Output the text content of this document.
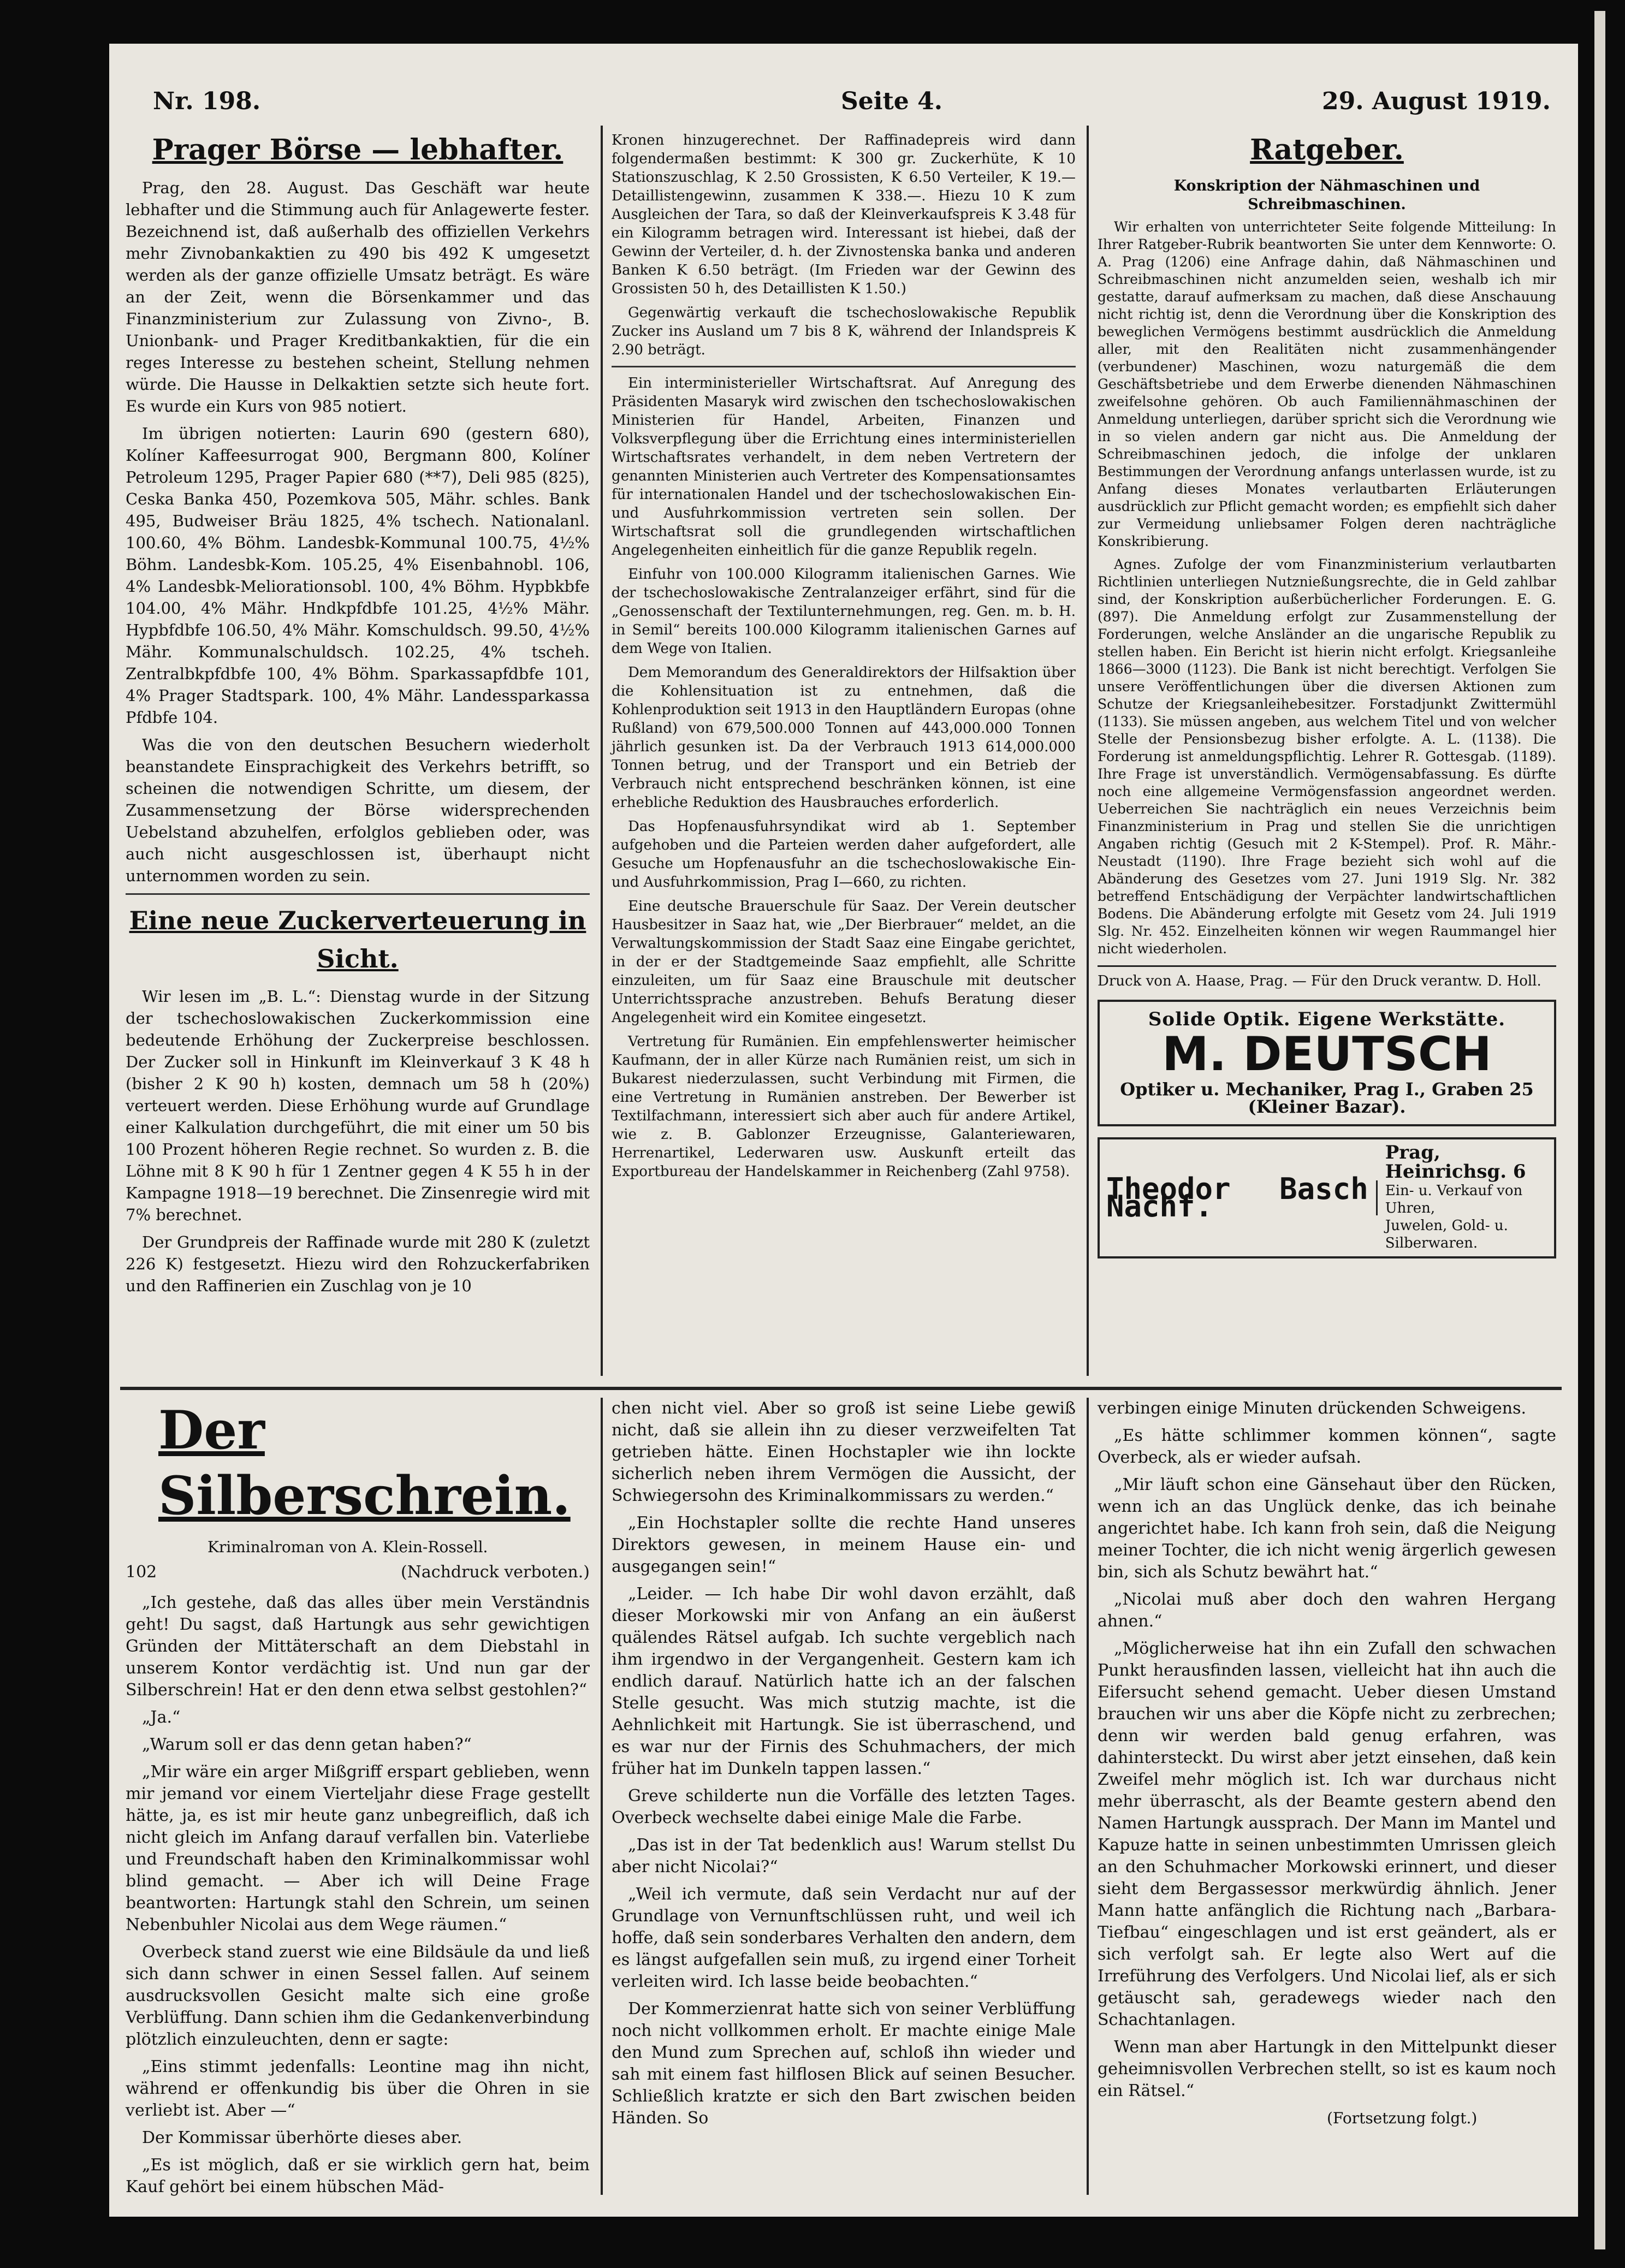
Nr. 198.	Seite 4.	29. August 1919.
Prager Börse — lebhafter.

Prag, den 28. August. Das Geschäft war heute lebhafter und die Stimmung auch für Anlagewerte fester. Bezeichnend ist, daß außerhalb des offiziellen Verkehrs mehr Zivnobankaktien zu 490 bis 492 K umgesetzt werden als der ganze offizielle Umsatz beträgt. Es wäre an der Zeit, wenn die Börsenkammer und das Finanzministerium zur Zulassung von Zivno-, B. Unionbank- und Prager Kreditbankaktien, für die ein reges Interesse zu bestehen scheint, Stellung nehmen würde. Die Hausse in Delkaktien setzte sich heute fort. Es wurde ein Kurs von 985 notiert.

Im übrigen notierten: Laurin 690 (gestern 680), Kolíner Kaffeesurrogat 900, Bergmann 800, Kolíner Petroleum 1295, Prager Papier 680 (**7), Deli 985 (825), Ceska Banka 450, Pozemkova 505, Mähr. schles. Bank 495, Budweiser Bräu 1825, 4% tschech. Nationalanl. 100.60, 4% Böhm. Landesbk-Kommunal 100.75, 4½% Böhm. Landesbk-Kom. 105.25, 4% Eisenbahnobl. 106, 4% Landesbk-Meliorationsobl. 100, 4% Böhm. Hypbkbfe 104.00, 4% Mähr. Hndkpfdbfe 101.25, 4½% Mähr. Hypbfdbfe 106.50, 4% Mähr. Komschuldsch. 99.50, 4½% Mähr. Kommunalschuldsch. 102.25, 4% tscheh. Zentralbkpfdbfe 100, 4% Böhm. Sparkassapfdbfe 101, 4% Prager Stadtspark. 100, 4% Mähr. Landessparkassa Pfdbfe 104.

Was die von den deutschen Besuchern wiederholt beanstandete Einsprachigkeit des Verkehrs betrifft, so scheinen die notwendigen Schritte, um diesem, der Zusammensetzung der Börse widersprechenden Uebelstand abzuhelfen, erfolglos geblieben oder, was auch nicht ausgeschlossen ist, überhaupt nicht unternommen worden zu sein.

Eine neue Zuckerverteuerung in Sicht.

Wir lesen im „B. L.“: Dienstag wurde in der Sitzung der tschechoslowakischen Zuckerkommission eine bedeutende Erhöhung der Zuckerpreise beschlossen. Der Zucker soll in Hinkunft im Kleinverkauf 3 K 48 h (bisher 2 K 90 h) kosten, demnach um 58 h (20%) verteuert werden. Diese Erhöhung wurde auf Grundlage einer Kalkulation durchgeführt, die mit einer um 50 bis 100 Prozent höheren Regie rechnet. So wurden z. B. die Löhne mit 8 K 90 h für 1 Zentner gegen 4 K 55 h in der Kampagne 1918—19 berechnet. Die Zinsenregie wird mit 7% berechnet.

Der Grundpreis der Raffinade wurde mit 280 K (zuletzt 226 K) festgesetzt. Hiezu wird den Rohzuckerfabriken und den Raffinerien ein Zuschlag von je 10

Kronen hinzugerechnet. Der Raffinadepreis wird dann folgendermaßen bestimmt: K 300 gr. Zuckerhüte, K 10 Stationszuschlag, K 2.50 Grossisten, K 6.50 Verteiler, K 19.— Detaillistengewinn, zusammen K 338.—. Hiezu 10 K zum Ausgleichen der Tara, so daß der Kleinverkaufspreis K 3.48 für ein Kilogramm betragen wird. Interessant ist hiebei, daß der Gewinn der Verteiler, d. h. der Zivnostenska banka und anderen Banken K 6.50 beträgt. (Im Frieden war der Gewinn des Grossisten 50 h, des Detaillisten K 1.50.)

Gegenwärtig verkauft die tschechoslowakische Republik Zucker ins Ausland um 7 bis 8 K, während der Inlandspreis K 2.90 beträgt.

Ein interministerieller Wirtschaftsrat. Auf Anregung des Präsidenten Masaryk wird zwischen den tschechoslowakischen Ministerien für Handel, Arbeiten, Finanzen und Volksverpflegung über die Errichtung eines interministeriellen Wirtschaftsrates verhandelt, in dem neben Vertretern der genannten Ministerien auch Vertreter des Kompensationsamtes für internationalen Handel und der tschechoslowakischen Ein- und Ausfuhrkommission vertreten sein sollen. Der Wirtschaftsrat soll die grundlegenden wirtschaftlichen Angelegenheiten einheitlich für die ganze Republik regeln.

Einfuhr von 100.000 Kilogramm italienischen Garnes. Wie der tschechoslowakische Zentralanzeiger erfährt, sind für die „Genossenschaft der Textilunternehmungen, reg. Gen. m. b. H. in Semil“ bereits 100.000 Kilogramm italienischen Garnes auf dem Wege von Italien.

Dem Memorandum des Generaldirektors der Hilfsaktion über die Kohlensituation ist zu entnehmen, daß die Kohlenproduktion seit 1913 in den Hauptländern Europas (ohne Rußland) von 679,500.000 Tonnen auf 443,000.000 Tonnen jährlich gesunken ist. Da der Verbrauch 1913 614,000.000 Tonnen betrug, und der Transport und ein Betrieb der Verbrauch nicht entsprechend beschränken können, ist eine erhebliche Reduktion des Hausbrauches erforderlich.

Das Hopfenausfuhrsyndikat wird ab 1. September aufgehoben und die Parteien werden daher aufgefordert, alle Gesuche um Hopfenausfuhr an die tschechoslowakische Ein- und Ausfuhrkommission, Prag I—660, zu richten.

Eine deutsche Brauerschule für Saaz. Der Verein deutscher Hausbesitzer in Saaz hat, wie „Der Bierbrauer“ meldet, an die Verwaltungskommission der Stadt Saaz eine Eingabe gerichtet, in der er der Stadtgemeinde Saaz empfiehlt, alle Schritte einzuleiten, um für Saaz eine Brauschule mit deutscher Unterrichtssprache anzustreben. Behufs Beratung dieser Angelegenheit wird ein Komitee eingesetzt.

Vertretung für Rumänien. Ein empfehlenswerter heimischer Kaufmann, der in aller Kürze nach Rumänien reist, um sich in Bukarest niederzulassen, sucht Verbindung mit Firmen, die eine Vertretung in Rumänien anstreben. Der Bewerber ist Textilfachmann, interessiert sich aber auch für andere Artikel, wie z. B. Gablonzer Erzeugnisse, Galanteriewaren, Herrenartikel, Lederwaren usw. Auskunft erteilt das Exportbureau der Handelskammer in Reichenberg (Zahl 9758).

Ratgeber.
Konskription der Nähmaschinen und Schreibmaschinen.

Wir erhalten von unterrichteter Seite folgende Mitteilung: In Ihrer Ratgeber-Rubrik beantworten Sie unter dem Kennworte: O. A. Prag (1206) eine Anfrage dahin, daß Nähmaschinen und Schreibmaschinen nicht anzumelden seien, weshalb ich mir gestatte, darauf aufmerksam zu machen, daß diese Anschauung nicht richtig ist, denn die Verordnung über die Konskription des beweglichen Vermögens bestimmt ausdrücklich die Anmeldung aller, mit den Realitäten nicht zusammenhängender (verbundener) Maschinen, wozu naturgemäß die dem Geschäftsbetriebe und dem Erwerbe dienenden Nähmaschinen zweifelsohne gehören. Ob auch Familiennähmaschinen der Anmeldung unterliegen, darüber spricht sich die Verordnung wie in so vielen andern gar nicht aus. Die Anmeldung der Schreibmaschinen jedoch, die infolge der unklaren Bestimmungen der Verordnung anfangs unterlassen wurde, ist zu Anfang dieses Monates verlautbarten Erläuterungen ausdrücklich zur Pflicht gemacht worden; es empfiehlt sich daher zur Vermeidung unliebsamer Folgen deren nachträgliche Konskribierung.

Agnes. Zufolge der vom Finanzministerium verlautbarten Richtlinien unterliegen Nutznießungsrechte, die in Geld zahlbar sind, der Konskription außerbücherlicher Forderungen. E. G. (897). Die Anmeldung erfolgt zur Zusammenstellung der Forderungen, welche Ansländer an die ungarische Republik zu stellen haben. Ein Bericht ist hierin nicht erfolgt. Kriegsanleihe 1866—3000 (1123). Die Bank ist nicht berechtigt. Verfolgen Sie unsere Veröffentlichungen über die diversen Aktionen zum Schutze der Kriegsanleihebesitzer. Forstadjunkt Zwittermühl (1133). Sie müssen angeben, aus welchem Titel und von welcher Stelle der Pensionsbezug bisher erfolgte. A. L. (1138). Die Forderung ist anmeldungspflichtig. Lehrer R. Gottesgab. (1189). Ihre Frage ist unverständlich. Vermögensabfassung. Es dürfte noch eine allgemeine Vermögensfassion angeordnet werden. Ueberreichen Sie nachträglich ein neues Verzeichnis beim Finanzministerium in Prag und stellen Sie die unrichtigen Angaben richtig (Gesuch mit 2 K-Stempel). Prof. R. Mähr.-Neustadt (1190). Ihre Frage bezieht sich wohl auf die Abänderung des Gesetzes vom 27. Juni 1919 Slg. Nr. 382 betreffend Entschädigung der Verpächter landwirtschaftlichen Bodens. Die Abänderung erfolgte mit Gesetz vom 24. Juli 1919 Slg. Nr. 452. Einzelheiten können wir wegen Raummangel hier nicht wiederholen.

Druck von A. Haase, Prag. — Für den Druck verantw. D. Holl.
Solide Optik. Eigene Werkstätte.
M. DEUTSCH
Optiker u. Mechaniker, Prag I., Graben 25
(Kleiner Bazar).
Theodor Basch Nachf.
Prag, Heinrichsg. 6
Ein- u. Verkauf von Uhren,
Juwelen, Gold- u. Silberwaren.
Der Silberschrein.
Kriminalroman von A. Klein-Rossell.
102	(Nachdruck verboten.)

„Ich gestehe, daß das alles über mein Verständnis geht! Du sagst, daß Hartungk aus sehr gewichtigen Gründen der Mittäterschaft an dem Diebstahl in unserem Kontor verdächtig ist. Und nun gar der Silberschrein! Hat er den denn etwa selbst gestohlen?“

„Ja.“

„Warum soll er das denn getan haben?“

„Mir wäre ein arger Mißgriff erspart geblieben, wenn mir jemand vor einem Vierteljahr diese Frage gestellt hätte, ja, es ist mir heute ganz unbegreiflich, daß ich nicht gleich im Anfang darauf verfallen bin. Vaterliebe und Freundschaft haben den Kriminalkommissar wohl blind gemacht. — Aber ich will Deine Frage beantworten: Hartungk stahl den Schrein, um seinen Nebenbuhler Nicolai aus dem Wege räumen.“

Overbeck stand zuerst wie eine Bildsäule da und ließ sich dann schwer in einen Sessel fallen. Auf seinem ausdrucksvollen Gesicht malte sich eine große Verblüffung. Dann schien ihm die Gedankenverbindung plötzlich einzuleuchten, denn er sagte:

„Eins stimmt jedenfalls: Leontine mag ihn nicht, während er offenkundig bis über die Ohren in sie verliebt ist. Aber —“

Der Kommissar überhörte dieses aber.

„Es ist möglich, daß er sie wirklich gern hat, beim Kauf gehört bei einem hübschen Mäd-

chen nicht viel. Aber so groß ist seine Liebe gewiß nicht, daß sie allein ihn zu dieser verzweifelten Tat getrieben hätte. Einen Hochstapler wie ihn lockte sicherlich neben ihrem Vermögen die Aussicht, der Schwiegersohn des Kriminalkommissars zu werden.“

„Ein Hochstapler sollte die rechte Hand unseres Direktors gewesen, in meinem Hause ein- und ausgegangen sein!“

„Leider. — Ich habe Dir wohl davon erzählt, daß dieser Morkowski mir von Anfang an ein äußerst quälendes Rätsel aufgab. Ich suchte vergeblich nach ihm irgendwo in der Vergangenheit. Gestern kam ich endlich darauf. Natürlich hatte ich an der falschen Stelle gesucht. Was mich stutzig machte, ist die Aehnlichkeit mit Hartungk. Sie ist überraschend, und es war nur der Firnis des Schuhmachers, der mich früher hat im Dunkeln tappen lassen.“

Greve schilderte nun die Vorfälle des letzten Tages. Overbeck wechselte dabei einige Male die Farbe.

„Das ist in der Tat bedenklich aus! Warum stellst Du aber nicht Nicolai?“

„Weil ich vermute, daß sein Verdacht nur auf der Grundlage von Vernunftschlüssen ruht, und weil ich hoffe, daß sein sonderbares Verhalten den andern, dem es längst aufgefallen sein muß, zu irgend einer Torheit verleiten wird. Ich lasse beide beobachten.“

Der Kommerzienrat hatte sich von seiner Verblüffung noch nicht vollkommen erholt. Er machte einige Male den Mund zum Sprechen auf, schloß ihn wieder und sah mit einem fast hilflosen Blick auf seinen Besucher. Schließlich kratzte er sich den Bart zwischen beiden Händen. So

verbingen einige Minuten drückenden Schweigens.

„Es hätte schlimmer kommen können“, sagte Overbeck, als er wieder aufsah.

„Mir läuft schon eine Gänsehaut über den Rücken, wenn ich an das Unglück denke, das ich beinahe angerichtet habe. Ich kann froh sein, daß die Neigung meiner Tochter, die ich nicht wenig ärgerlich gewesen bin, sich als Schutz bewährt hat.“

„Nicolai muß aber doch den wahren Hergang ahnen.“

„Möglicherweise hat ihn ein Zufall den schwachen Punkt herausfinden lassen, vielleicht hat ihn auch die Eifersucht sehend gemacht. Ueber diesen Umstand brauchen wir uns aber die Köpfe nicht zu zerbrechen; denn wir werden bald genug erfahren, was dahintersteckt. Du wirst aber jetzt einsehen, daß kein Zweifel mehr möglich ist. Ich war durchaus nicht mehr überrascht, als der Beamte gestern abend den Namen Hartungk aussprach. Der Mann im Mantel und Kapuze hatte in seinen unbestimmten Umrissen gleich an den Schuhmacher Morkowski erinnert, und dieser sieht dem Bergassessor merkwürdig ähnlich. Jener Mann hatte anfänglich die Richtung nach „Barbara-Tiefbau“ eingeschlagen und ist erst geändert, als er sich verfolgt sah. Er legte also Wert auf die Irreführung des Verfolgers. Und Nicolai lief, als er sich getäuscht sah, geradewegs wieder nach den Schachtanlagen.

Wenn man aber Hartungk in den Mittelpunkt dieser geheimnisvollen Verbrechen stellt, so ist es kaum noch ein Rätsel.“

(Fortsetzung folgt.)
